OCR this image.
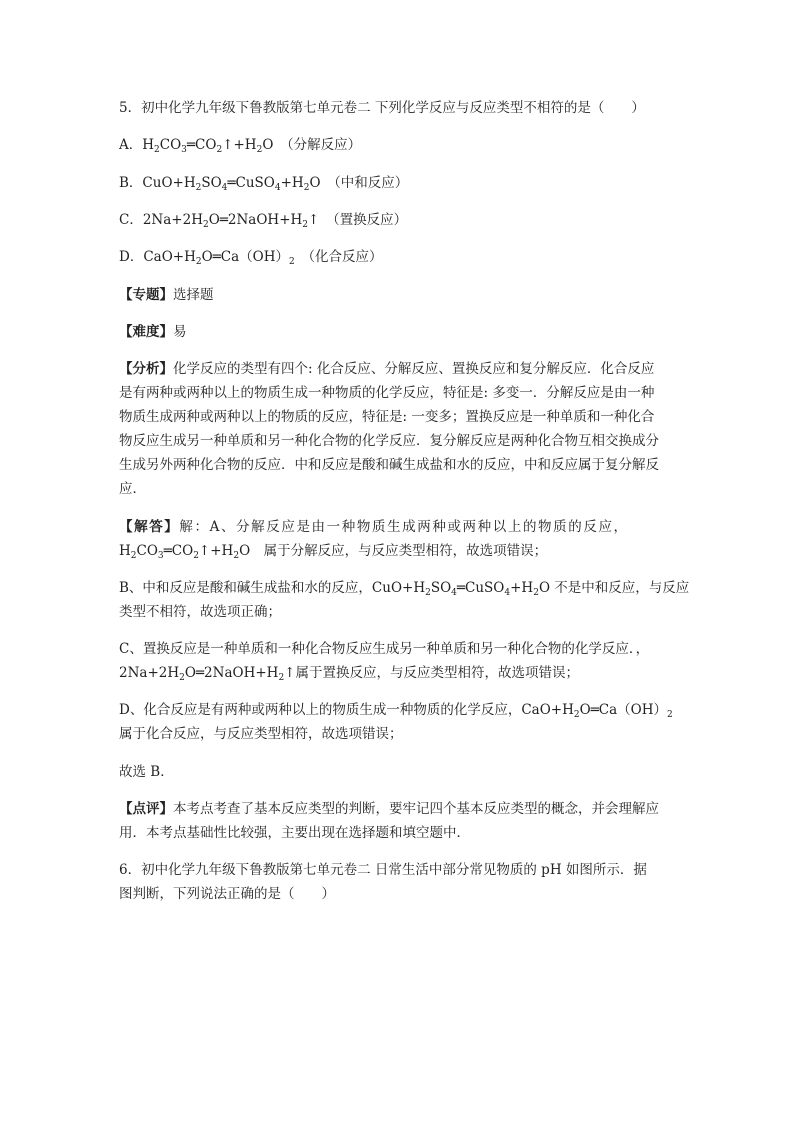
5．初中化学九年级下鲁教版第七单元卷二 下列化学反应与反应类型不相符的是（　　）
A．$H_2CO_3═CO_2↑+H_2O$　（分解反应）
B．$CuO+H_2SO_4═CuSO_4+H_2O$　（中和反应）
C．$2Na+2H_2O═2NaOH+H_2↑$　（置换反应）
D．$CaO+H_2O═Ca(OH)_2$　（化合反应）
【专题】选择题
【难度】易
【分析】化学反应的类型有四个: 化合反应、分解反应、置换反应和复分解反应．化合反应
是有两种或两种以上的物质生成一种物质的化学反应，特征是: 多变一．分解反应是由一种
物质生成两种或两种以上的物质的反应，特征是: 一变多；置换反应是一种单质和一种化合
物反应生成另一种单质和另一种化合物的化学反应．复分解反应是两种化合物互相交换成分
生成另外两种化合物的反应．中和反应是酸和碱生成盐和水的反应，中和反应属于复分解反
应．
【解答】解：A、分解反应是由一种物质生成两种或两种以上的物质的反应，
$H_2CO_3═CO_2↑+H_2O$　属于分解反应，与反应类型相符，故选项错误；
B、中和反应是酸和碱生成盐和水的反应，$CuO+H_2SO_4═CuSO_4+H_2O$ 不是中和反应，与反应
类型不相符，故选项正确；
C、置换反应是一种单质和一种化合物反应生成另一种单质和另一种化合物的化学反应．，
$2Na+2H_2O═2NaOH+H_2↑$属于置换反应，与反应类型相符，故选项错误；
D、化合反应是有两种或两种以上的物质生成一种物质的化学反应，$CaO+H_2O═Ca(OH)_2$
属于化合反应，与反应类型相符，故选项错误；
故选 B．
【点评】本考点考查了基本反应类型的判断，要牢记四个基本反应类型的概念，并会理解应
用．本考点基础性比较强，主要出现在选择题和填空题中．
6．初中化学九年级下鲁教版第七单元卷二 日常生活中部分常见物质的 pH 如图所示．据
图判断，下列说法正确的是（　　）
